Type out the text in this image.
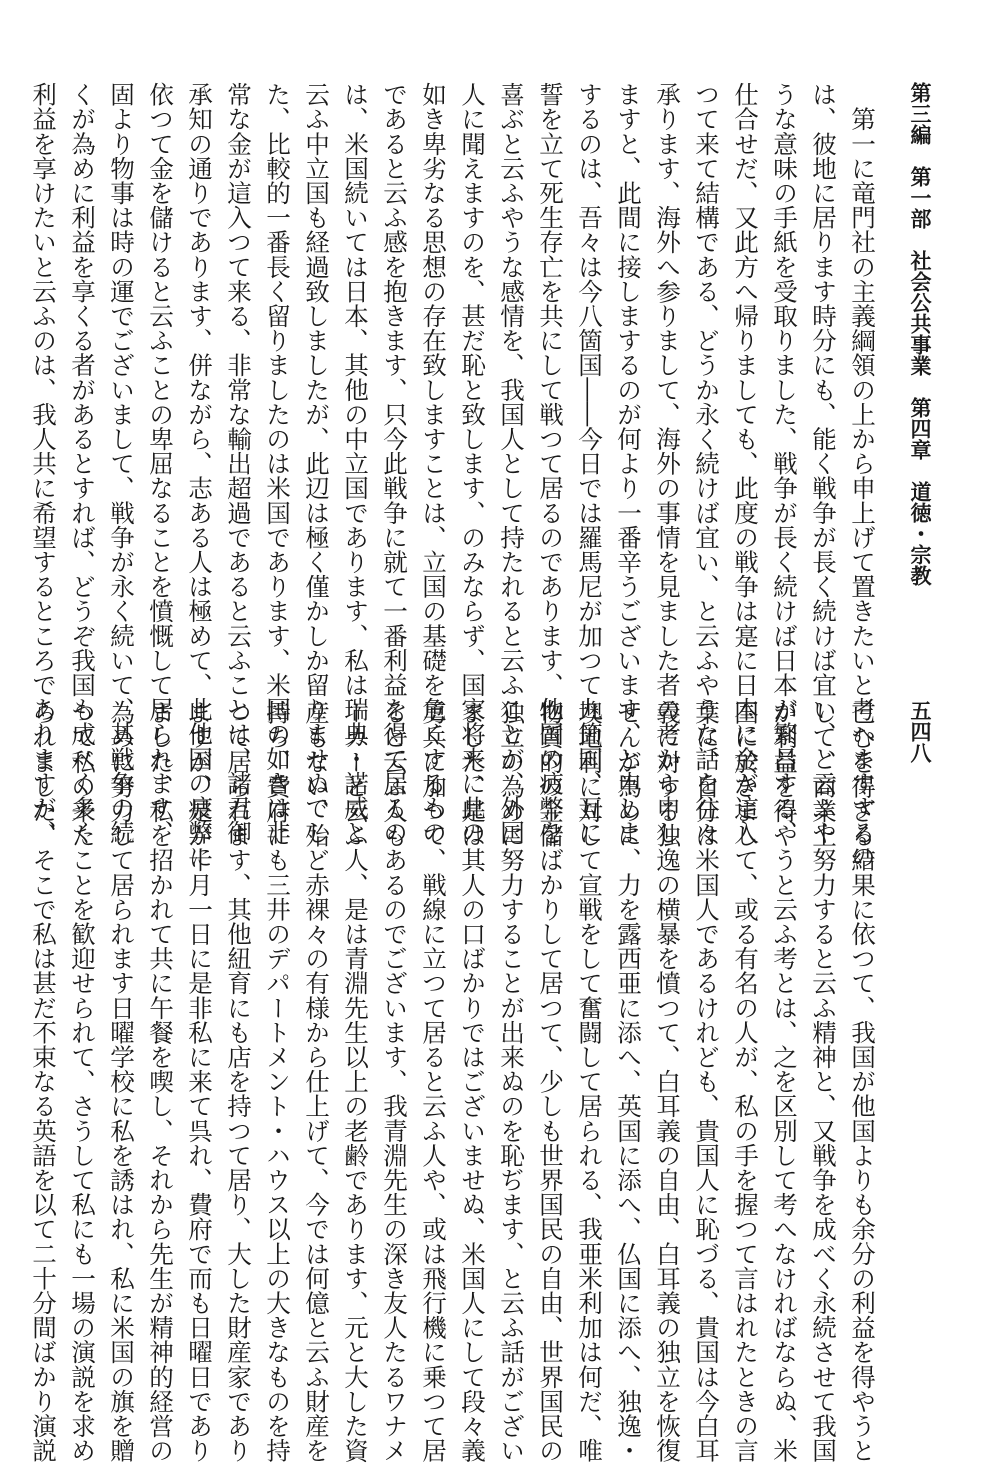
第三編　第一部　社会公共事業　第四章　道徳・宗教
五四八
　第一に竜門社の主義綱領の上から申上げて置きたいと考へますするの
は、彼地に居ります時分にも、能く戦争が長く続けば宜い、と云ふや
うな意味の手紙を受取りました、戦争が長く続けば日本が繁昌する、
仕合せだ、又此方へ帰りましても、此度の戦争は寔に日本に金が這入
つて来て結構である、どうか永く続けば宜い、と云ふやうな話を往々
承ります、海外へ参りまして、海外の事情を見ました者の考から申し
ますと、此間に接しまするのが何より一番辛うございます、と申しま
するのは、吾々は今八箇国――今日では羅馬尼が加つて九箇国、互に
誓を立て死生存亡を共にして戦つて居るのであります、他国の疲弊を
喜ぶと云ふやうな感情を、我国人として持たれると云ふことが、外国
人に聞えますのを、甚だ恥と致します、のみならず、国家将来に此の
如き卑劣なる思想の存在致しますことは、立国の基礎を危くするもの
であると云ふ感を抱きます、只今此戦争に就て一番利益を得て居るの
は、米国続いては日本、其他の中立国であります、私は瑞典・諾威と
云ふ中立国も経過致しましたが、此辺は極く僅かしか留りませぬでし
た、比較的一番長く留りましたのは米国であります、米国の如きは非
常な金が這入つて来る、非常な輸出超過であると云ふことは、諸君御
承知の通りであります、併ながら、志ある人は極めて、此他国の疲弊に
依つて金を儲けると云ふことの卑屈なることを憤慨して居られます、
固より物事は時の運でございまして、戦争が永く続いて、其戦争の続
くが為めに利益を享くる者があるとすれば、どうぞ我国も成べく多く
利益を享けたいと云ふのは、我人共に希望するところでありますが、
已むを得ざる結果に依つて、我国が他国よりも余分の利益を得やうと
して、商業上努力すると云ふ精神と、又戦争を成べく永続させて我国
が利益を得やうと云ふ考とは、之を区別して考へなければならぬ、米
国に於きまして、或る有名の人が、私の手を握つて言はれたときの言
葉に、自分は米国人であるけれども、貴国人に恥づる、貴国は今白耳
義に対する独逸の横暴を憤つて、白耳義の自由、白耳義の独立を恢復
せんが為めに、力を露西亜に添へ、英国に添へ、仏国に添へ、独逸・
墺地利に対して宣戦をして奮闘して居られる、我亜米利加は何だ、唯
物質的の金儲ばかりして居つて、少しも世界国民の自由、世界国民の
独立の為めに努力することが出来ぬのを恥ぢます、と云ふ話がござい
ました、是は其人の口ばかりではございませぬ、米国人にして段々義
勇兵に加つて、戦線に立つて居ると云ふ人や、或は飛行機に乗つて居
ると云ふ人もあるのでございます、我青淵先生の深き友人たるワナメ
ーカーと云ふ人、是は青淵先生以上の老齢であります、元と大した資
産もない、殆ど赤裸々の有様から仕上げて、今では何億と云ふ財産を
持ち、費府にも三井のデパートメント・ハウス以上の大きなものを持
つて居られます、其他紐育にも店を持つて居り、大した財産家であり
ますが、是が十月一日に是非私に来て呉れ、費府で而も日曜日であり
ました、私を招かれて共に午餐を喫し、それから先生が精神的経営の
為めに努力して居られます日曜学校に私を誘はれ、私に米国の旗を贈
つて私の来たことを歓迎せられて、さうして私にも一場の演説を求め
られました、そこで私は甚だ不束なる英語を以て二十分間ばかり演説
